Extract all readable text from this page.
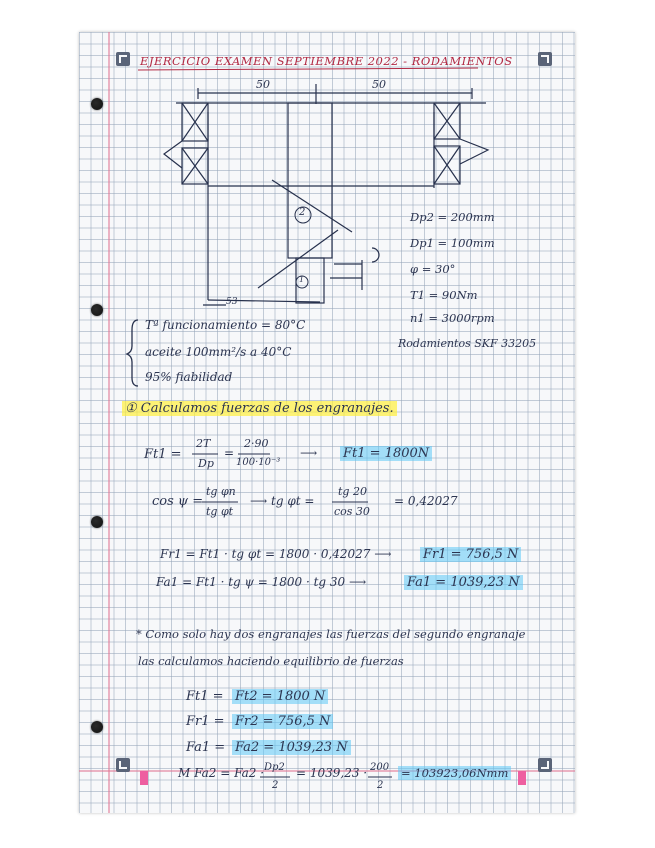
EJERCICIO EXAMEN SEPTIEMBRE 2022 - RODAMIENTOS
50	50
2
1
53
Dp2 = 200mm
Dp1 = 100mm
φ = 30°
T1 = 90Nm
n1 = 3000rpm
Rodamientos SKF 33205
Tª funcionamiento = 80°C
aceite 100mm²/s a 40°C
95% fiabilidad
① Calculamos fuerzas de los engranajes.
Ft1 =
2T
Dp
=
2·90
100·10⁻³
⟶ Ft1 = 1800N
cos ψ =
tg φn
tg φt
⟶ tg φt =
tg 20
cos 30
= 0,42027
Fr1 = Ft1 · tg φt = 1800 · 0,42027 ⟶ Fr1 = 756,5 N
Fa1 = Ft1 · tg ψ = 1800 · tg 30 ⟶	Fa1 = 1039,23 N
* Como solo hay dos engranajes las fuerzas del segundo engranaje
las calculamos haciendo equilibrio de fuerzas
Ft1 = Ft2 = 1800 N
Fr1 = Fr2 = 756,5 N
Fa1 = Fa2 = 1039,23 N
M Fa2 = Fa2 · Dp2
2
= 1039,23 · 200
2
= 103923,06Nmm
